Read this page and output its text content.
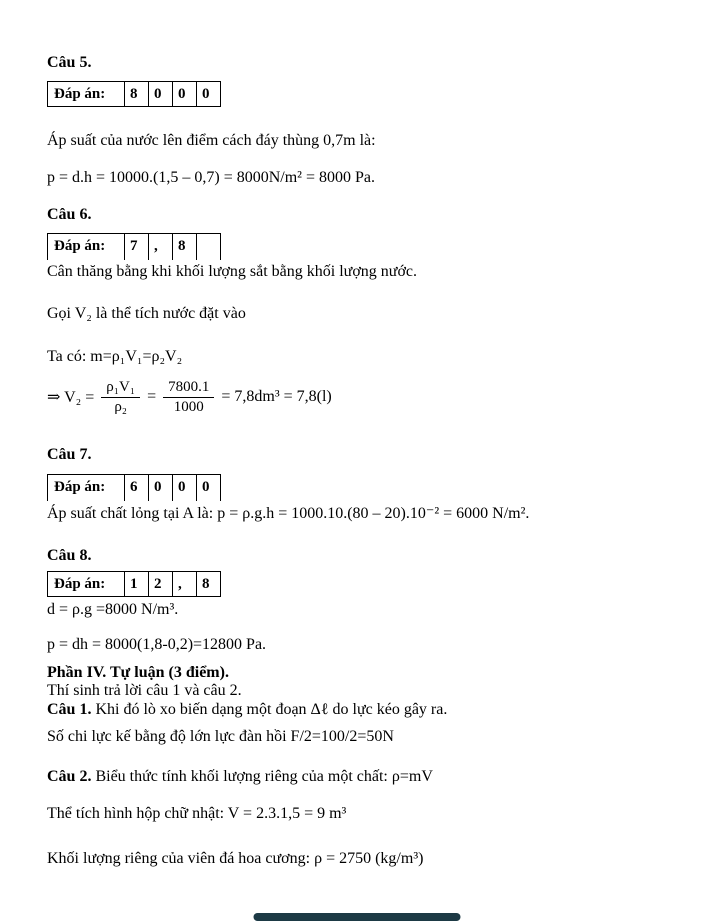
Câu 5.
Đáp án:	8	0	0	0
Áp suất của nước lên điểm cách đáy thùng 0,7m là:
p = d.h = 10000.(1,5 – 0,7) = 8000N/m² = 8000 Pa.
Câu 6.
Đáp án:	7	,	8
Cân thăng bằng khi khối lượng sắt bằng khối lượng nước.
Gọi V₂ là thể tích nước đặt vào
Ta có: m=ρ₁V₁=ρ₂V₂
⇒ $V_2 = \frac{\text{ρ₁V₁}}{\text{ρ₂}} = \frac{7800.1}{1000} = 7,8dm^3 = 7,8(l)$
Câu 7.
Đáp án:	6	0	0	0
Áp suất chất lỏng tại A là: p = ρ.g.h = 1000.10.(80 – 20).10⁻² = 6000 N/m².
Câu 8.
Đáp án:	1	2	,	8
d = ρ.g =8000 N/m³.
p = dh = 8000(1,8-0,2)=12800 Pa.
Phần IV. Tự luận (3 điểm).
Thí sinh trả lời câu 1 và câu 2.
Câu 1. Khi đó lò xo biến dạng một đoạn Δℓ do lực kéo gây ra.
Số chi lực kế bằng độ lớn lực đàn hồi F/2=100/2=50N
Câu 2. Biểu thức tính khối lượng riêng của một chất: ρ=mV
Thể tích hình hộp chữ nhật: V = 2.3.1,5 = 9 m³
Khối lượng riêng của viên đá hoa cương: ρ = 2750 (kg/m³)
